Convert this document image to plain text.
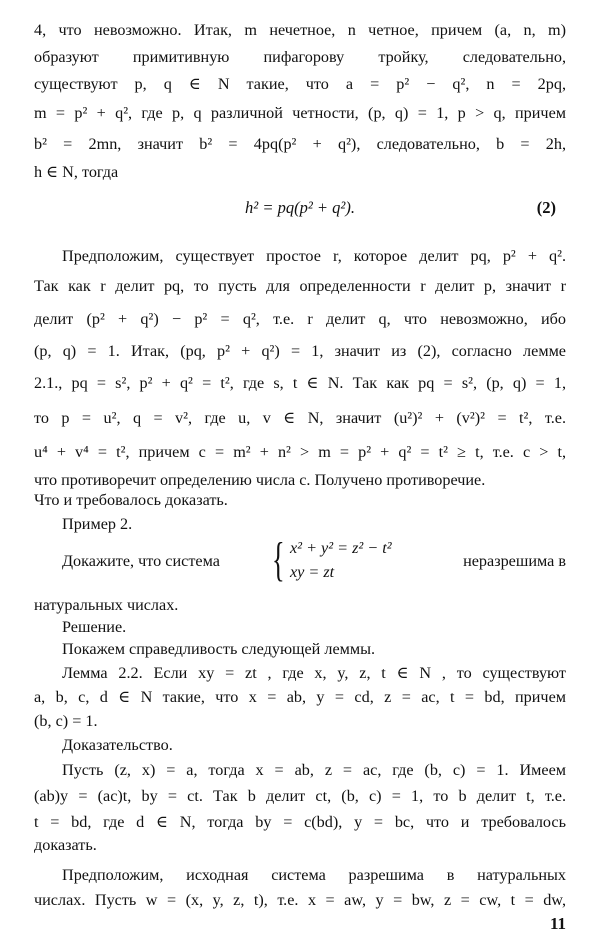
4, что невозможно. Итак, m нечетное, n четное, причем (a, n, m)
образуют примитивную пифагорову тройку, следовательно,
существуют p, q ∈ N такие, что a = p² − q², n = 2pq,
m = p² + q², где p, q различной четности, (p, q) = 1, p > q, причем
b² = 2mn, значит b² = 4pq(p² + q²), следовательно, b = 2h,
h ∈ N, тогда
h² = pq(p² + q²).	(2)
Предположим, существует простое r, которое делит pq, p² + q².
Так как r делит pq, то пусть для определенности r делит p, значит r
делит (p² + q²) − p² = q², т.е. r делит q, что невозможно, ибо
(p, q) = 1. Итак, (pq, p² + q²) = 1, значит из (2), согласно лемме
2.1., pq = s², p² + q² = t², где s, t ∈ N. Так как pq = s², (p, q) = 1,
то p = u², q = v², где u, v ∈ N, значит (u²)² + (v²)² = t², т.е.
u⁴ + v⁴ = t², причем c = m² + n² > m = p² + q² = t² ≥ t, т.е. c > t,
что противоречит определению числа c. Получено противоречие.
Что и требовалось доказать.
Пример 2.
Докажите, что система { x² + y² = z² − t²
xy = zt
неразрешима в
натуральных числах.
Решение.
Покажем справедливость следующей леммы.
Лемма 2.2. Если xy = zt , где x, y, z, t ∈ N , то существуют
a, b, c, d ∈ N такие, что x = ab, y = cd, z = ac, t = bd, причем
(b, c) = 1.
Доказательство.
Пусть (z, x) = a, тогда x = ab, z = ac, где (b, c) = 1. Имеем
(ab)y = (ac)t, by = ct. Так b делит ct, (b, c) = 1, то b делит t, т.е.
t = bd, где d ∈ N, тогда by = c(bd), y = bc, что и требовалось
доказать.
Предположим, исходная система разрешима в натуральных
числах. Пусть w = (x, y, z, t), т.е. x = aw, y = bw, z = cw, t = dw,
11
